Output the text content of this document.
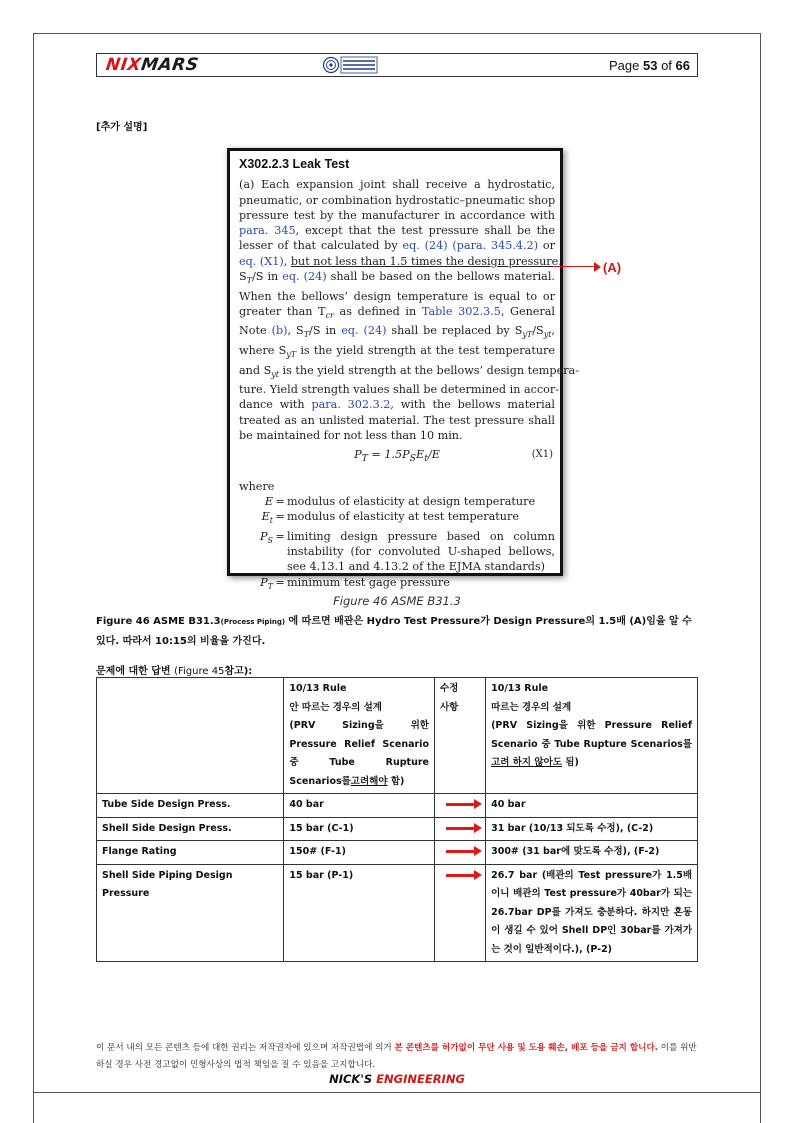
NIXMARS	Page 53 of 66
[추가 설명]
X302.2.3 Leak Test
(a) Each expansion joint shall receive a hydrostatic,
pneumatic, or combination hydrostatic–pneumatic shop
pressure test by the manufacturer in accordance with
para. 345, except that the test pressure shall be the
lesser of that calculated by eq. (24) (para. 345.4.2) or
eq. (X1), but not less than 1.5 times the design pressure.
$S_T/S$ in eq. (24) shall be based on the bellows material.
When the bellows’ design temperature is equal to or
greater than $T_{cr}$ as defined in Table 302.3.5, General
Note (b), $S_T/S$ in eq. (24) shall be replaced by $S_{yT}/S_{yt}$,
where $S_{yT}$ is the yield strength at the test temperature
and $S_{yt}$ is the yield strength at the bellows’ design tempera-
ture. Yield strength values shall be determined in accor-
dance with para. 302.3.2, with the bellows material
treated as an unlisted material. The test pressure shall
be maintained for not less than 10 min.
$P_T = 1.5P_SE_t/E$	(X1)
where
E = modulus of elasticity at design temperature
$E_t$ = modulus of elasticity at test temperature
$P_S$ = limiting design pressure based on column instability (for convoluted U-shaped bellows, see 4.13.1 and 4.13.2 of the EJMA standards)
$P_T$ = minimum test gage pressure
(A)
Figure 46 ASME B31.3
Figure 46 ASME B31.3(Process Piping) 에 따르면 배관은 Hydro Test Pressure가 Design Pressure의 1.5배 (A)임을 알 수 있다. 따라서 10:15의 비율을 가진다.
문제에 대한 답변 (Figure 45참고):
	10/13 Rule
안 따르는 경우의 설계
(PRV Sizing을 위한 Pressure Relief Scenario 중 Tube Rupture Scenarios를고려해야 함)	수정
사항	10/13 Rule
따르는 경우의 설계
(PRV Sizing을 위한 Pressure Relief Scenario 중 Tube Rupture Scenarios를고려 하지 않아도 됨)
Tube Side Design Press.	40 bar		40 bar
Shell Side Design Press.	15 bar (C-1)		31 bar (10/13 되도록 수정), (C-2)
Flange Rating	150# (F-1)		300# (31 bar에 맞도록 수정), (F-2)
Shell Side Piping Design Pressure	15 bar (P-1)		26.7 bar (배관의 Test pressure가 1.5배이니 배관의 Test pressure가 40bar가 되는 26.7bar DP를 가져도 충분하다. 하지만 혼동이 생길 수 있어 Shell DP인 30bar를 가져가는 것이 일반적이다.), (P-2)
이 문서 내의 모든 콘텐츠 등에 대한 권리는 저작권자에 있으며 저작권법에 의거 본 콘텐츠를 허가없이 무단 사용 및 도용 훼손, 배포 등을 금지 합니다. 이를 위반 하실 경우 사전 경고없이 민형사상의 법적 책임을 질 수 있음을 고지합니다.
NICK'S ENGINEERING
